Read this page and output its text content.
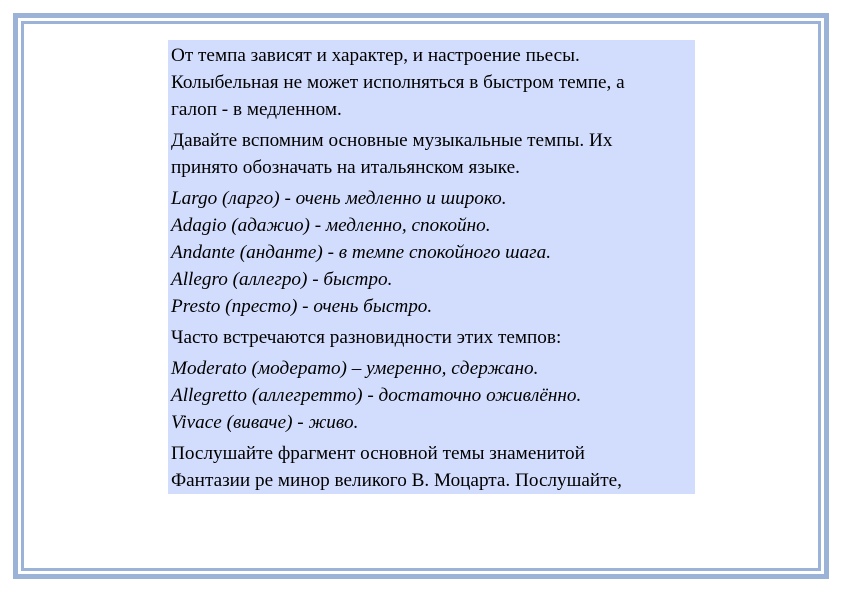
От темпа зависят и характер, и настроение пьесы.
Колыбельная не может исполняться в быстром темпе, а
галоп - в медленном.
Давайте вспомним основные музыкальные темпы. Их
принято обозначать на итальянском языке.
Largo (ларго) - очень медленно и широко.
Adagio (адажио) - медленно, спокойно.
Andante (анданте) - в темпе спокойного шага.
Allegro (аллегро) - быстро.
Presto (престо) - очень быстро.
Часто встречаются разновидности этих темпов:
Moderato (модерато) – умеренно, сдержано.
Allegretto (аллегретто) - достаточно оживлённо.
Vivace (виваче) - живо.
Послушайте фрагмент основной темы знаменитой
Фантазии ре минор великого В. Моцарта. Послушайте,
